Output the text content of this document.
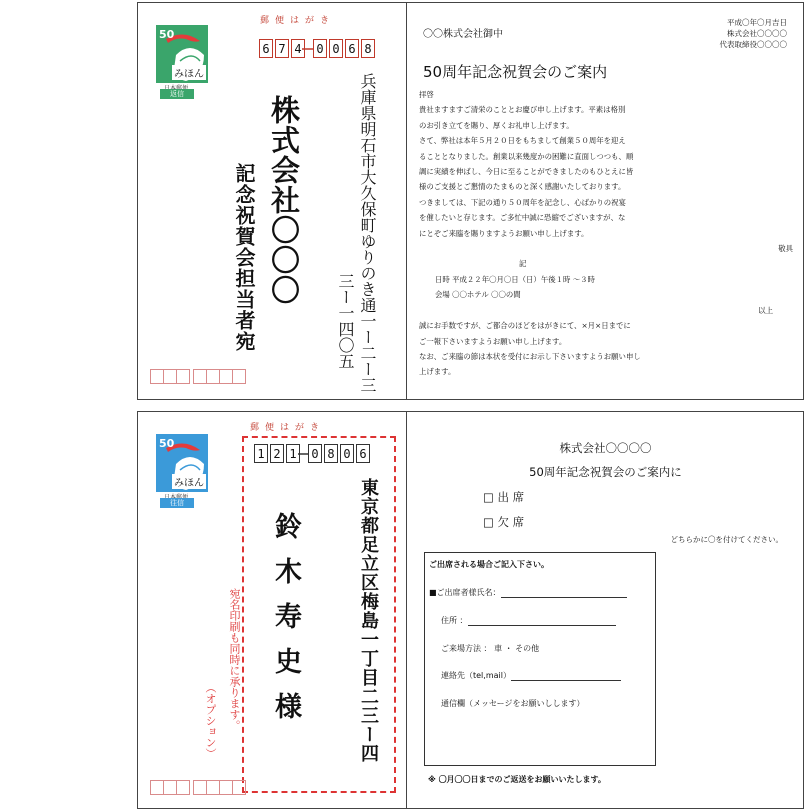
50
みほん
返信
郵便はがき
6 7 4 0 0 6 8
兵庫県明石市大久保町ゆりのき通一ー二ー三
三ー一四〇五
株式会社〇〇〇
記念祝賀会担当者宛
〇〇株式会社御中
平成〇年〇月吉日
株式会社〇〇〇〇
代表取締役〇〇〇〇
50周年記念祝賀会のご案内

拝啓

貴社ますますご清栄のこととお慶び申し上げます。平素は格別

のお引き立てを賜り、厚くお礼申し上げます。

さて、弊社は本年５月２０日をもちまして創業５０周年を迎え

ることとなりました。創業以来幾度かの困難に直面しつつも、順

調に実績を伸ばし、今日に至ることができましたのもひとえに皆

様のご支援とご懇情のたまものと深く感謝いたしております。

つきましては、下記の通り５０周年を記念し、心ばかりの祝宴

を催したいと存じます。ご多忙中誠に恐縮でございますが、な

にとぞご来臨を賜りますようお願い申し上げます。

敬具

記

日時 平成２２年〇月〇日（日）午後１時 ～３時

会場 〇〇ホテル 〇〇の間

以上

誠にお手数ですが、ご都合のほどをはがきにて、×月×日までに

ご一報下さいますようお願い申し上げます。

なお、ご来臨の節は本状を受付にお示し下さいますようお願い申し

上げます。

50
みほん
往信
郵便はがき
1 2 1 0 8 0 6
東京都足立区梅島一丁目二三ー四
鈴木寿史様
宛名印刷も同時に承ります。
（オプション）
株式会社〇〇〇〇
50周年記念祝賀会のご案内に
□ 出 席
□ 欠 席
どちらかに〇を付けてください。
ご出席される場合ご記入下さい。
■ご出席者様氏名：
住所 ：
ご来場方法 ： 車 ・ その他
連絡先（tel,mail）
通信欄（メッセージをお願いしします）
※ 〇月〇〇日までのご返送をお願いいたします。
